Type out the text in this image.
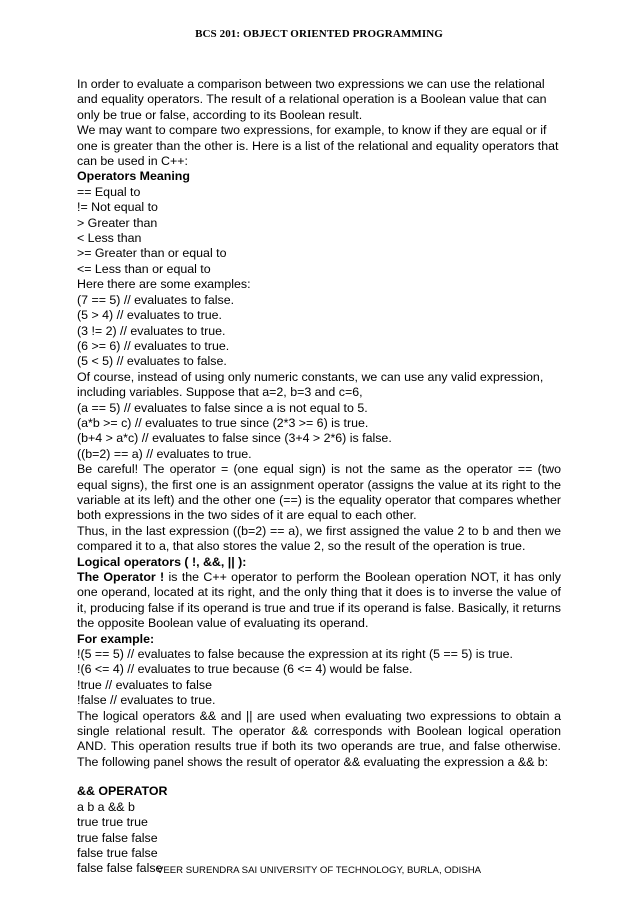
BCS 201: OBJECT ORIENTED PROGRAMMING
In order to evaluate a comparison between two expressions we can use the relational
and equality operators. The result of a relational operation is a Boolean value that can
only be true or false, according to its Boolean result.
We may want to compare two expressions, for example, to know if they are equal or if
one is greater than the other is. Here is a list of the relational and equality operators that
can be used in C++:
Operators Meaning
== Equal to
!= Not equal to
> Greater than
< Less than
>= Greater than or equal to
<= Less than or equal to
Here there are some examples:
(7 == 5) // evaluates to false.
(5 > 4) // evaluates to true.
(3 != 2) // evaluates to true.
(6 >= 6) // evaluates to true.
(5 < 5) // evaluates to false.
Of course, instead of using only numeric constants, we can use any valid expression,
including variables. Suppose that a=2, b=3 and c=6,
(a == 5) // evaluates to false since a is not equal to 5.
(a*b >= c) // evaluates to true since (2*3 >= 6) is true.
(b+4 > a*c) // evaluates to false since (3+4 > 2*6) is false.
((b=2) == a) // evaluates to true.
Be careful! The operator = (one equal sign) is not the same as the operator == (two
equal signs), the first one is an assignment operator (assigns the value at its right to the
variable at its left) and the other one (==) is the equality operator that compares whether
both expressions in the two sides of it are equal to each other.
Thus, in the last expression ((b=2) == a), we first assigned the value 2 to b and then we
compared it to a, that also stores the value 2, so the result of the operation is true.
Logical operators ( !, &&, || ):
The Operator ! is the C++ operator to perform the Boolean operation NOT, it has only
one operand, located at its right, and the only thing that it does is to inverse the value of
it, producing false if its operand is true and true if its operand is false. Basically, it returns
the opposite Boolean value of evaluating its operand.
For example:
!(5 == 5) // evaluates to false because the expression at its right (5 == 5) is true.
!(6 <= 4) // evaluates to true because (6 <= 4) would be false.
!true // evaluates to false
!false // evaluates to true.
The logical operators && and || are used when evaluating two expressions to obtain a
single relational result. The operator && corresponds with Boolean logical operation
AND. This operation results true if both its two operands are true, and false otherwise.
The following panel shows the result of operator && evaluating the expression a && b:
&& OPERATOR
a b a && b
true true true
true false false
false true false
false false false
VEER SURENDRA SAI UNIVERSITY OF TECHNOLOGY, BURLA, ODISHA
